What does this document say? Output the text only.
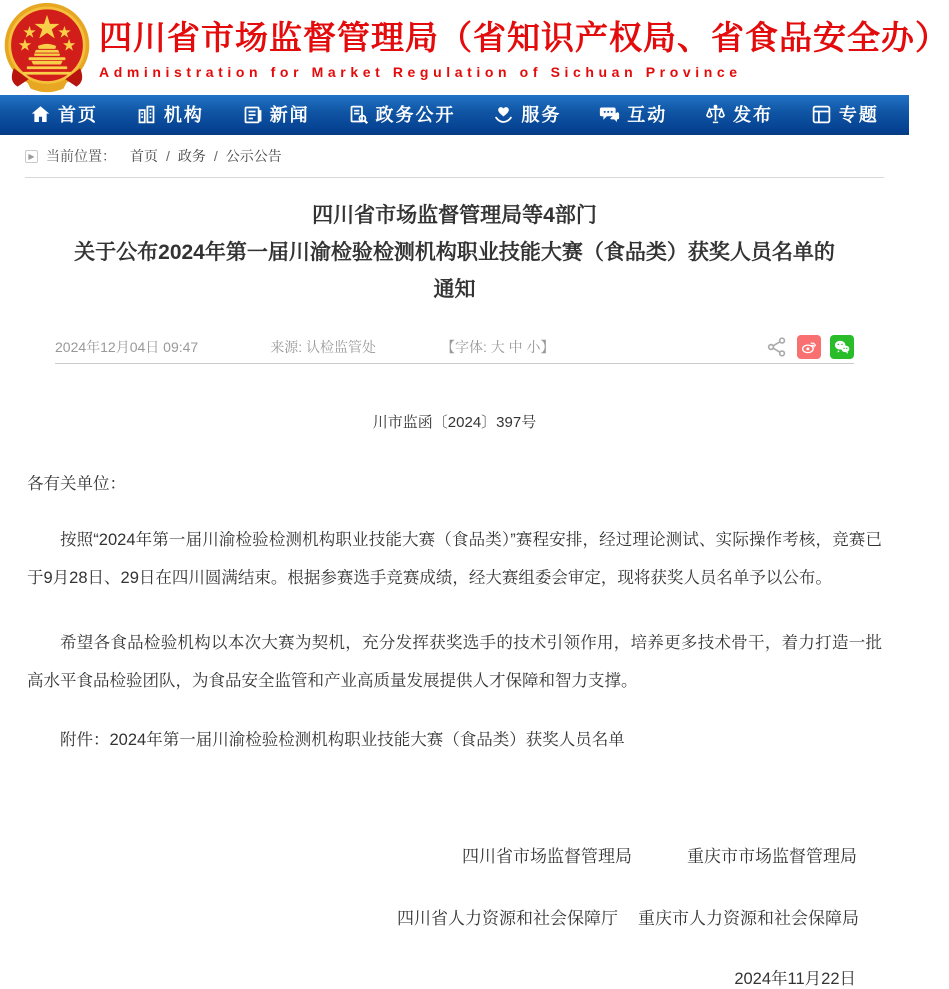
四川省市场监督管理局（省知识产权局、省食品安全办）
Administration for Market Regulation of Sichuan Province
首页	机构	新闻	政务公开	服务	互动	发布	专题
▶ 当前位置： 首页 / 政务 / 公示公告
四川省市场监督管理局等4部门
关于公布2024年第一届川渝检验检测机构职业技能大赛（食品类）获奖人员名单的
通知
2024年12月04日 09:47	来源: 认检监管处	【字体: 大 中 小】
川市监函〔2024〕397号
各有关单位：

按照“2024年第一届川渝检验检测机构职业技能大赛（食品类）”赛程安排，经过理论测试、实际操作考核，竞赛已于9月28日、29日在四川圆满结束。根据参赛选手竞赛成绩，经大赛组委会审定，现将获奖人员名单予以公布。

希望各食品检验机构以本次大赛为契机，充分发挥获奖选手的技术引领作用，培养更多技术骨干，着力打造一批高水平食品检验团队，为食品安全监管和产业高质量发展提供人才保障和智力支撑。

附件：2024年第一届川渝检验检测机构职业技能大赛（食品类）获奖人员名单

四川省市场监督管理局	重庆市市场监督管理局
四川省人力资源和社会保障厅 重庆市人力资源和社会保障局
2024年11月22日
